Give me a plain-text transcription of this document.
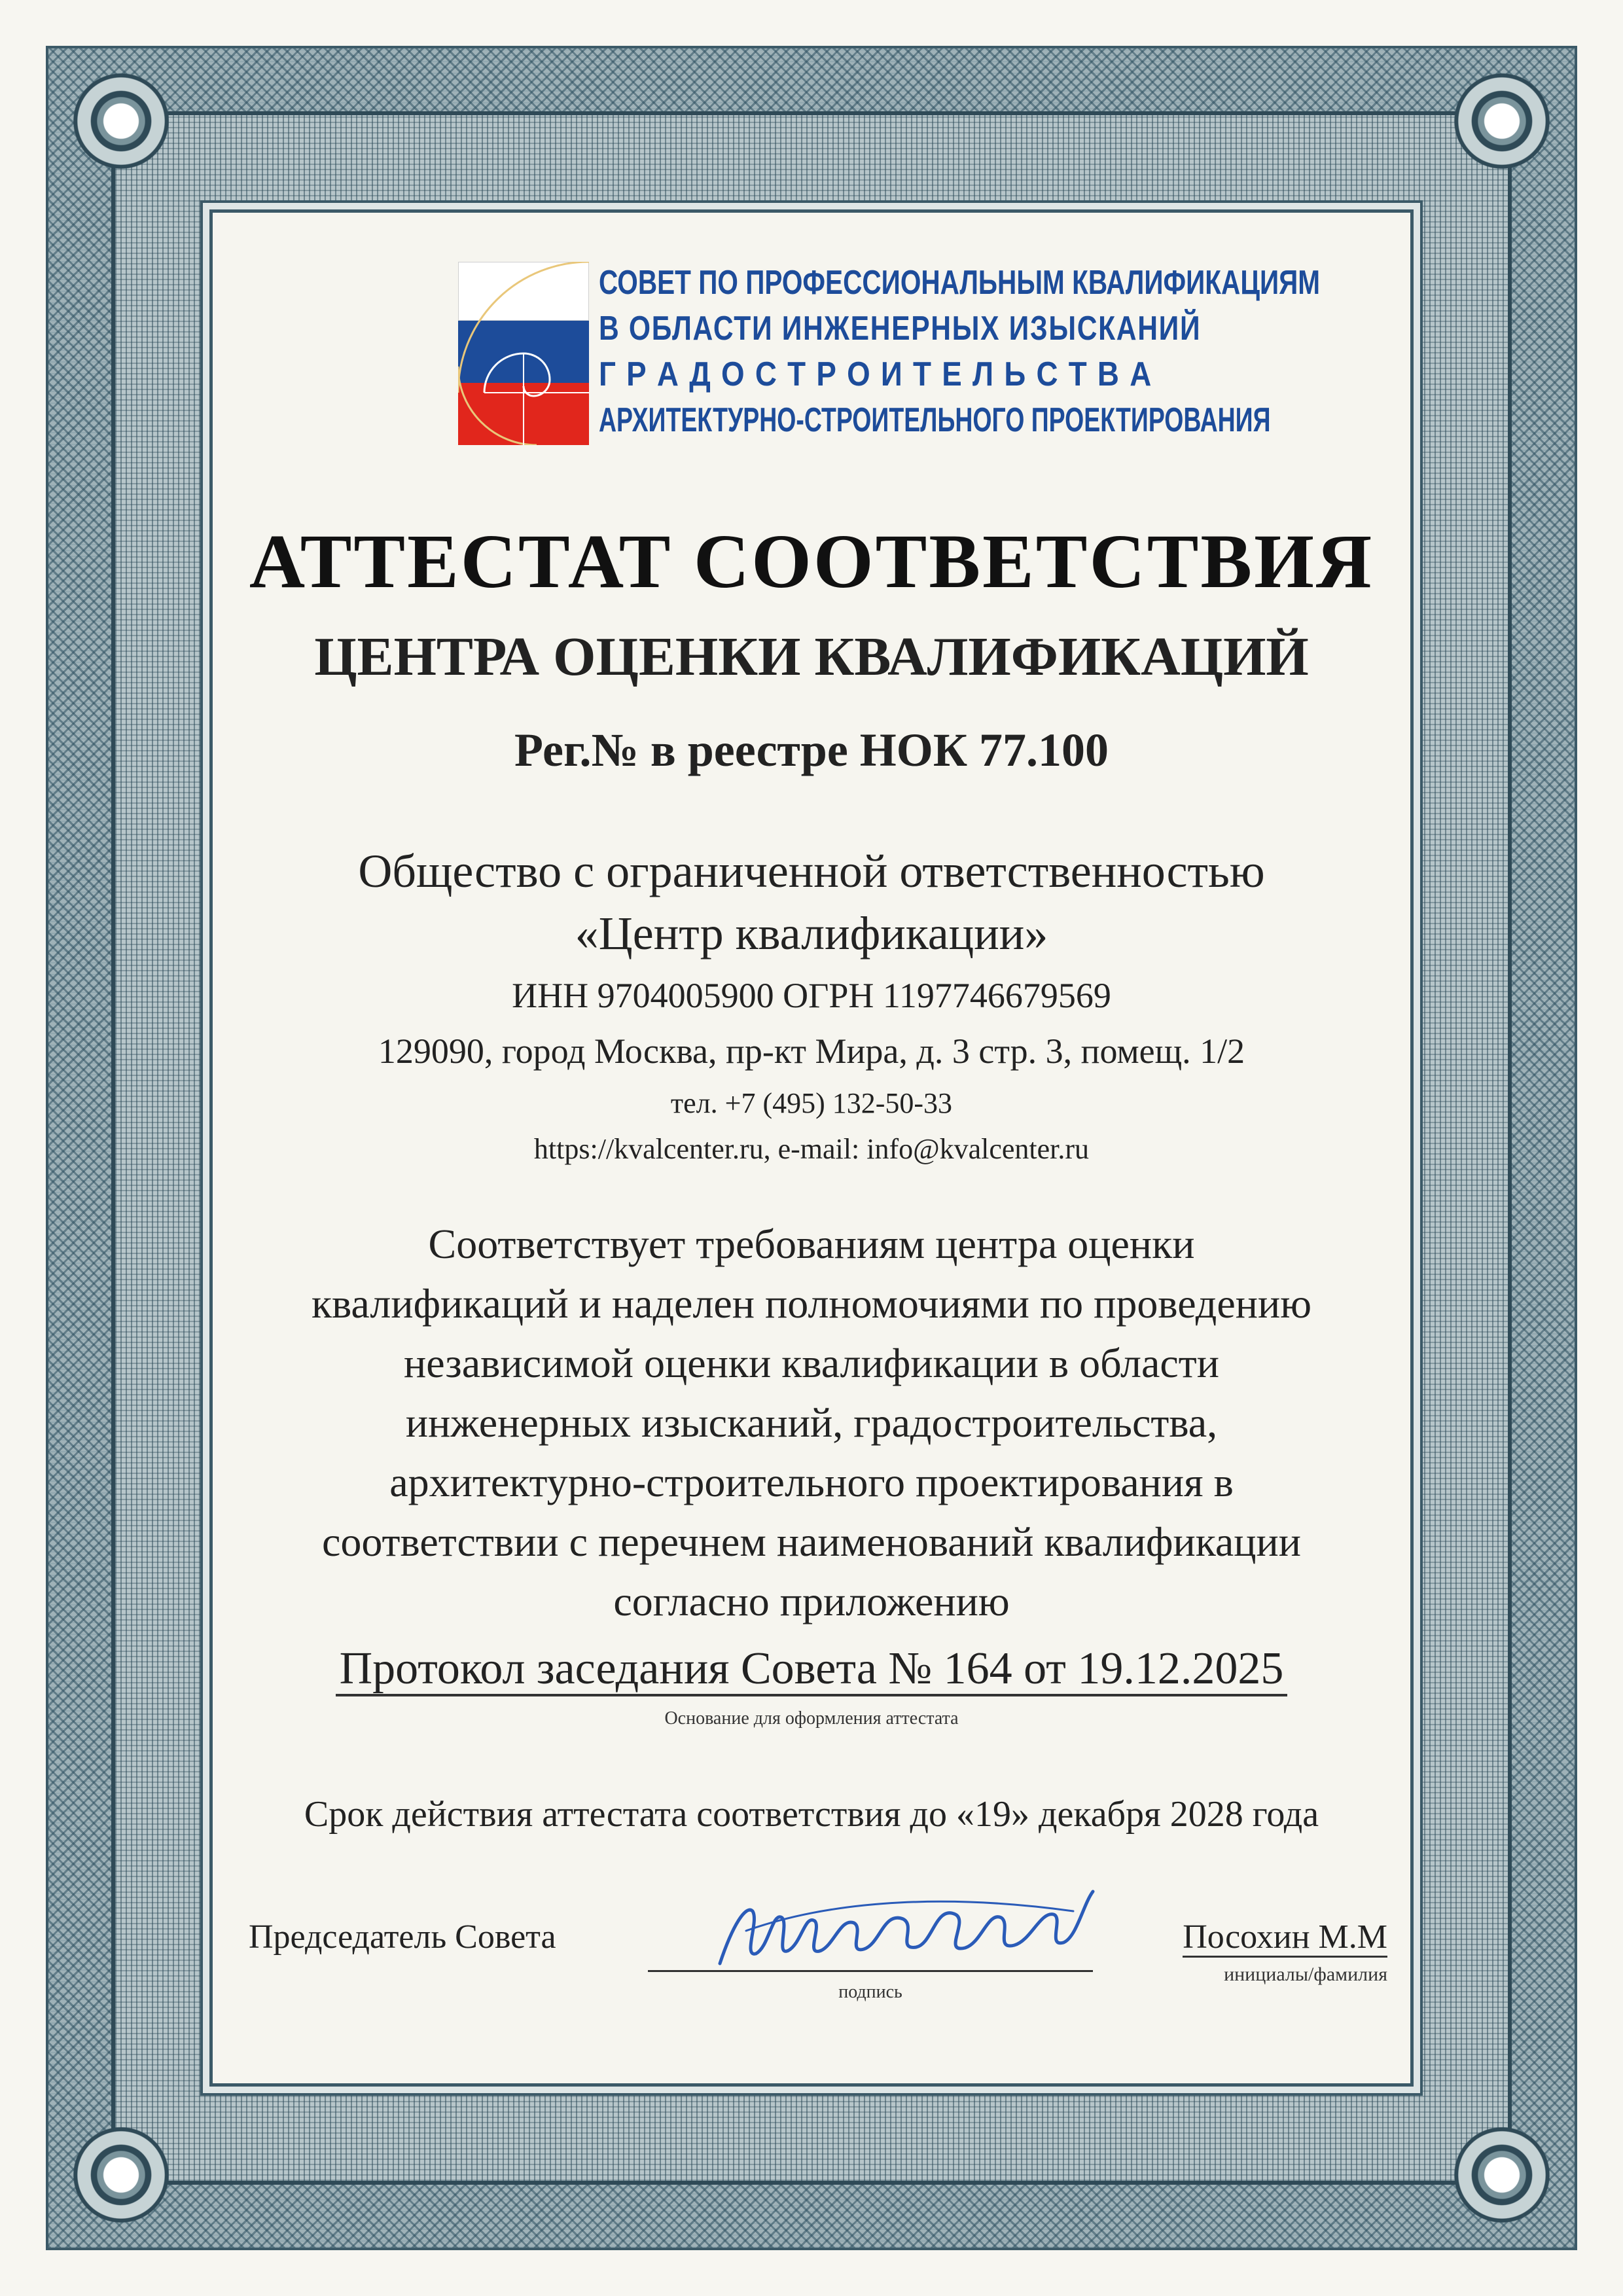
СОВЕТ ПО ПРОФЕССИОНАЛЬНЫМ КВАЛИФИКАЦИЯМ
В ОБЛАСТИ ИНЖЕНЕРНЫХ ИЗЫСКАНИЙ
Г Р А Д О С Т Р О И Т Е Л Ь С Т В А
АРХИТЕКТУРНО-СТРОИТЕЛЬНОГО ПРОЕКТИРОВАНИЯ
АТТЕСТАТ СООТВЕТСТВИЯ
ЦЕНТРА ОЦЕНКИ КВАЛИФИКАЦИЙ
Рег.№ в реестре НОК 77.100
Общество с ограниченной ответственностью
«Центр квалификации»
ИНН 9704005900 ОГРН 1197746679569
129090, город Москва, пр-кт Мира, д. 3 стр. 3, помещ. 1/2
тел. +7 (495) 132-50-33
https://kvalcenter.ru, e-mail: info@kvalcenter.ru
Соответствует требованиям центра оценки
квалификаций и наделен полномочиями по проведению
независимой оценки квалификации в области
инженерных изысканий, градостроительства,
архитектурно-строительного проектирования в
соответствии с перечнем наименований квалификации
согласно приложению
Протокол заседания Совета № 164 от 19.12.2025
Основание для оформления аттестата
Срок действия аттестата соответствия до «19» декабря 2028 года
Председатель Совета
подпись
Посохин М.М
инициалы/фамилия
